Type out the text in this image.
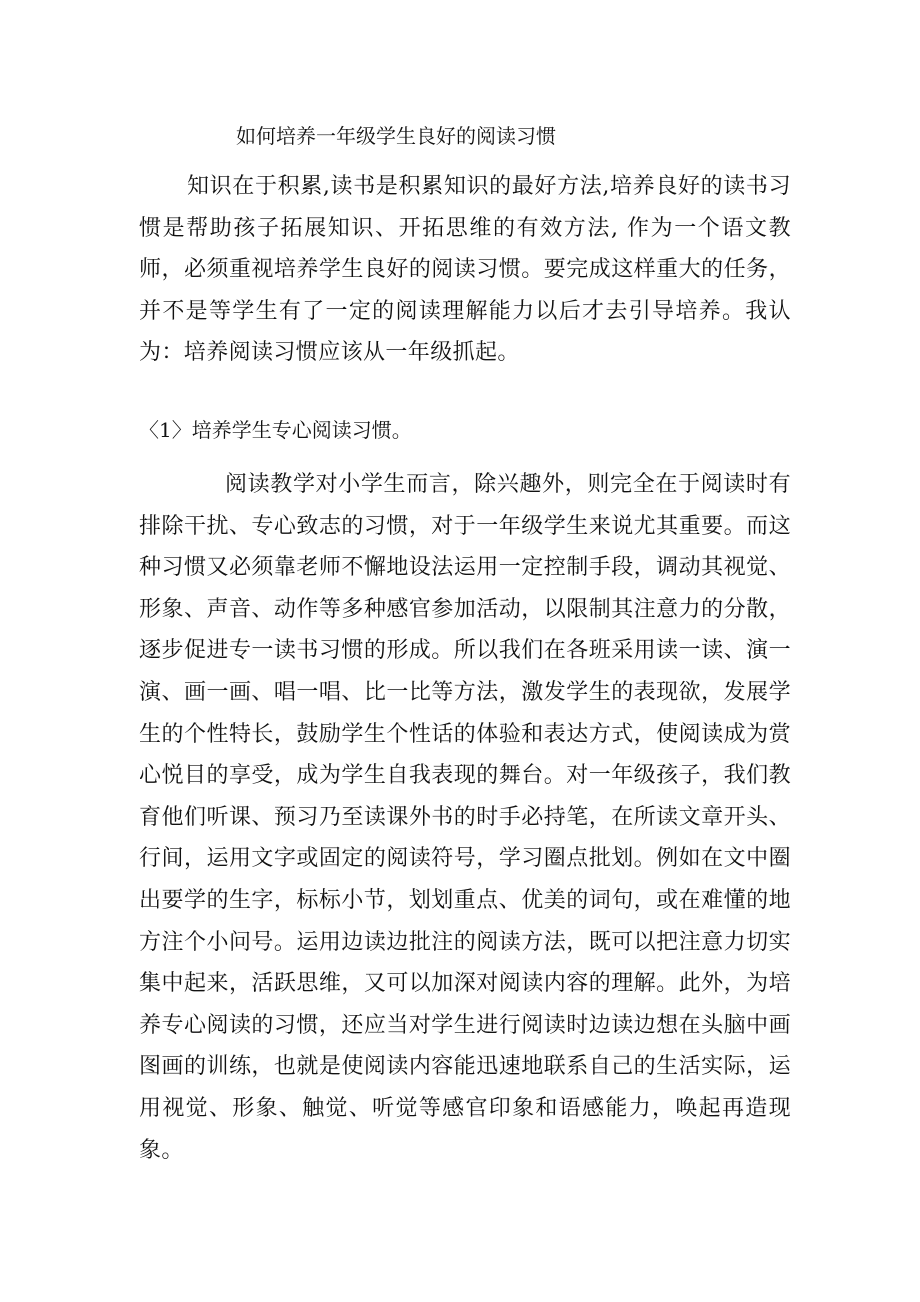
如何培养一年级学生良好的阅读习惯

知识在于积累,读书是积累知识的最好方法,培养良好的读书习惯是帮助孩子拓展知识、开拓思维的有效方法, 作为一个语文教师，必须重视培养学生良好的阅读习惯。要完成这样重大的任务，并不是等学生有了一定的阅读理解能力以后才去引导培养。我认为：培养阅读习惯应该从一年级抓起。

〈1〉培养学生专心阅读习惯。

阅读教学对小学生而言，除兴趣外，则完全在于阅读时有排除干扰、专心致志的习惯，对于一年级学生来说尤其重要。而这种习惯又必须靠老师不懈地设法运用一定控制手段，调动其视觉、形象、声音、动作等多种感官参加活动，以限制其注意力的分散，逐步促进专一读书习惯的形成。所以我们在各班采用读一读、演一演、画一画、唱一唱、比一比等方法，激发学生的表现欲，发展学生的个性特长，鼓励学生个性话的体验和表达方式，使阅读成为赏心悦目的享受，成为学生自我表现的舞台。对一年级孩子，我们教育他们听课、预习乃至读课外书的时手必持笔，在所读文章开头、行间，运用文字或固定的阅读符号，学习圈点批划。例如在文中圈出要学的生字，标标小节，划划重点、优美的词句，或在难懂的地方注个小问号。运用边读边批注的阅读方法，既可以把注意力切实集中起来，活跃思维，又可以加深对阅读内容的理解。此外，为培养专心阅读的习惯，还应当对学生进行阅读时边读边想在头脑中画图画的训练，也就是使阅读内容能迅速地联系自己的生活实际，运用视觉、形象、触觉、听觉等感官印象和语感能力，唤起再造现象。
